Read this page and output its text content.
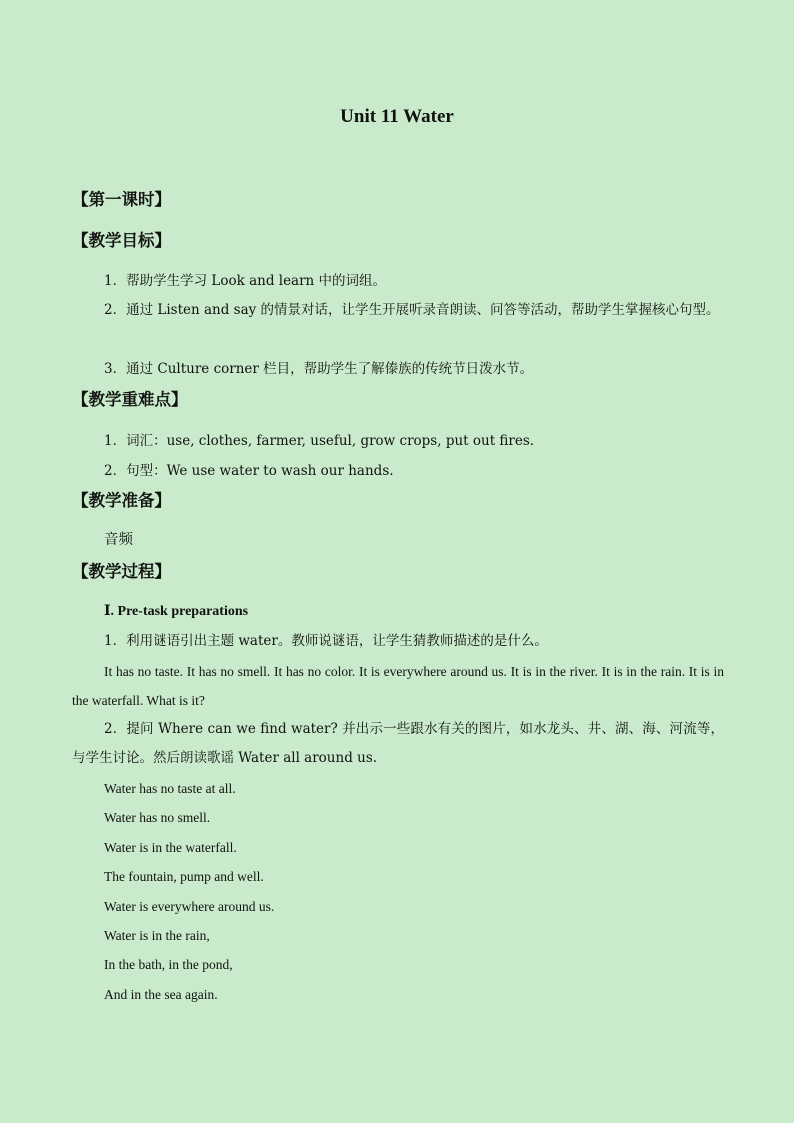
Unit 11 Water

【第一课时】

【教学目标】

1．帮助学生学习 Look and learn 中的词组。

2．通过 Listen and say 的情景对话，让学生开展听录音朗读、问答等活动，帮助学生掌握核心句型。

3．通过 Culture corner 栏目，帮助学生了解傣族的传统节日泼水节。

【教学重难点】

1．词汇：use, clothes, farmer, useful, grow crops, put out fires.

2．句型：We use water to wash our hands.

【教学准备】

音频

【教学过程】

Ⅰ. Pre-task preparations

1．利用谜语引出主题 water。教师说谜语，让学生猜教师描述的是什么。

It has no taste. It has no smell. It has no color. It is everywhere around us. It is in the river. It is in the rain. It is in the waterfall. What is it?

2．提问 Where can we find water? 并出示一些跟水有关的图片，如水龙头、井、湖、海、河流等，与学生讨论。然后朗读歌谣 Water all around us.

Water has no taste at all.

Water has no smell.

Water is in the waterfall.

The fountain, pump and well.

Water is everywhere around us.

Water is in the rain,

In the bath, in the pond,

And in the sea again.
